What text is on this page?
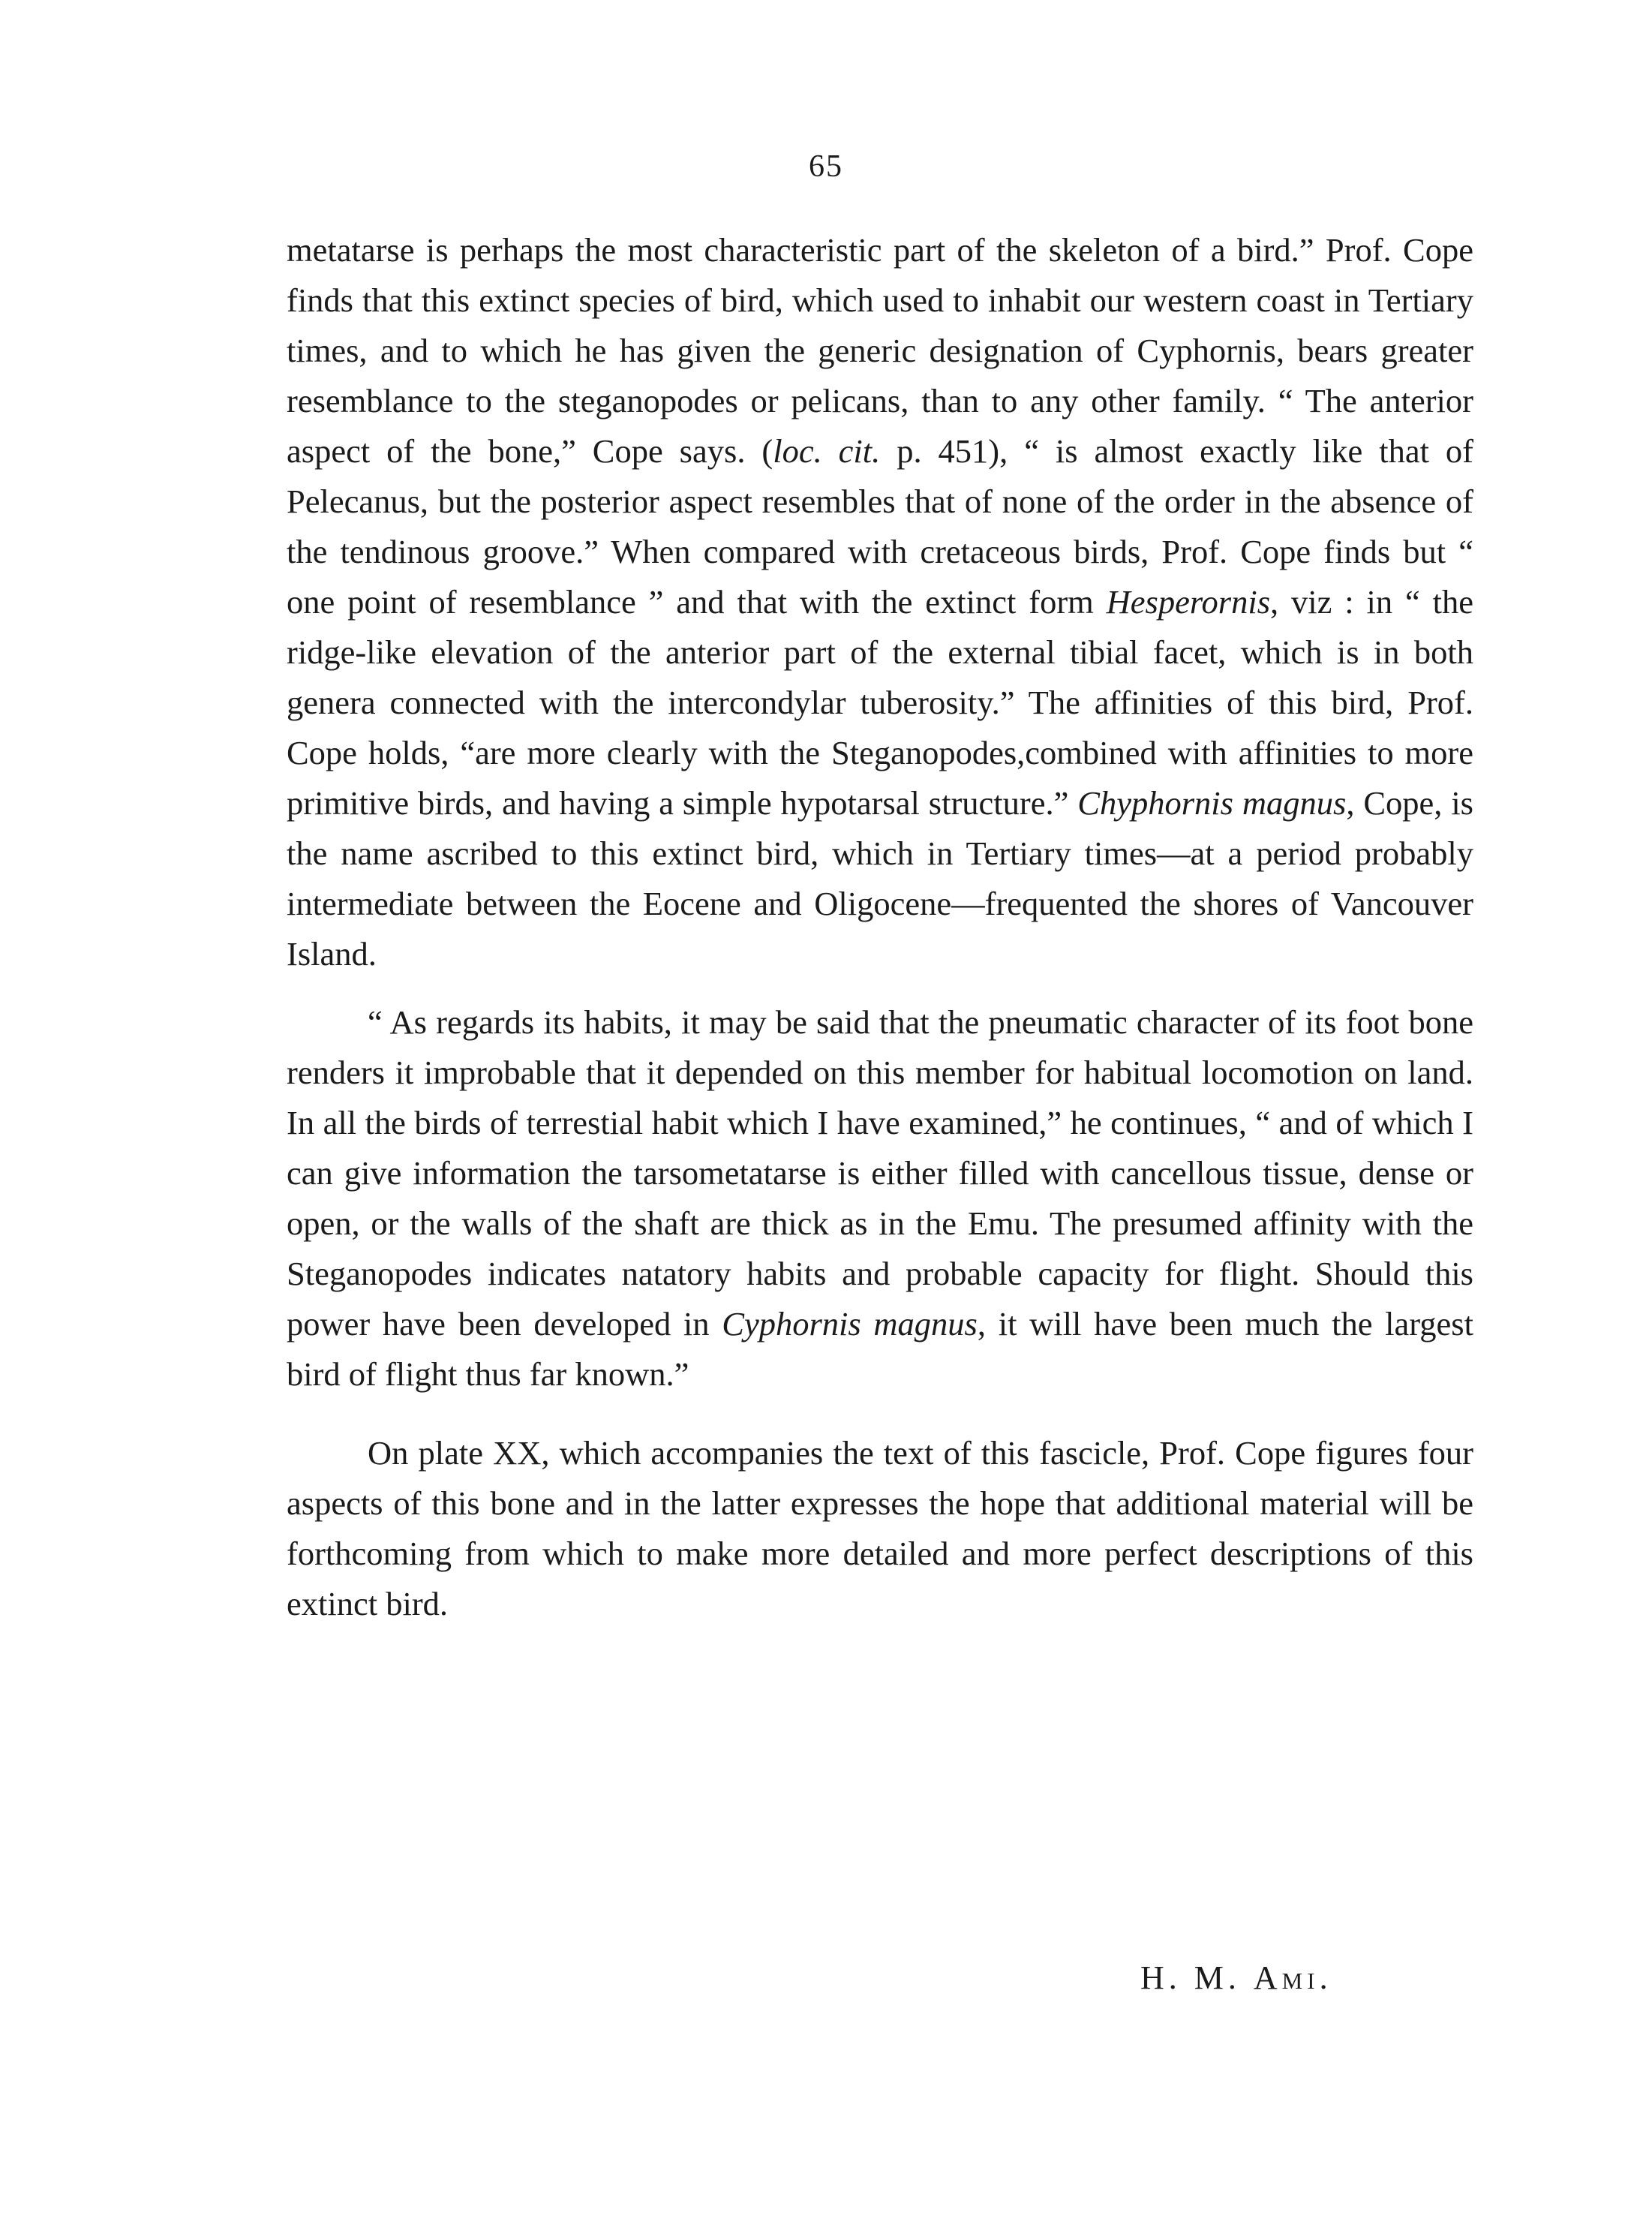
65

metatarse is perhaps the most characteristic part of the skeleton of a bird.” Prof. Cope finds that this extinct species of bird, which used to inhabit our western coast in Tertiary times, and to which he has given the generic designation of Cyphornis, bears greater resemblance to the steganopodes or pelicans, than to any other family. “ The anterior aspect of the bone,” Cope says. (loc. cit. p. 451), “ is almost exactly like that of Pelecanus, but the posterior aspect resembles that of none of the order in the absence of the tendinous groove.” When compared with cretaceous birds, Prof. Cope finds but “ one point of resemblance ” and that with the extinct form Hesperornis, viz : in “ the ridge-like elevation of the anterior part of the external tibial facet, which is in both genera connected with the intercondylar tuberosity.” The affinities of this bird, Prof. Cope holds, “are more clearly with the Steganopodes,combined with affinities to more primitive birds, and having a simple hypotarsal structure.” Chyphornis magnus, Cope, is the name ascribed to this extinct bird, which in Tertiary times—at a period probably intermediate between the Eocene and Oligocene—frequented the shores of Vancouver Island.

“ As regards its habits, it may be said that the pneumatic character of its foot bone renders it improbable that it depended on this member for habitual locomotion on land. In all the birds of terrestial habit which I have examined,” he continues, “ and of which I can give information the tarsometatarse is either filled with cancellous tissue, dense or open, or the walls of the shaft are thick as in the Emu. The presumed affinity with the Steganopodes indicates natatory habits and probable capacity for flight. Should this power have been developed in Cyphornis magnus, it will have been much the largest bird of flight thus far known.”

On plate XX, which accompanies the text of this fascicle, Prof. Cope figures four aspects of this bone and in the latter expresses the hope that additional material will be forthcoming from which to make more detailed and more perfect descriptions of this extinct bird.

H. M. Ami.
